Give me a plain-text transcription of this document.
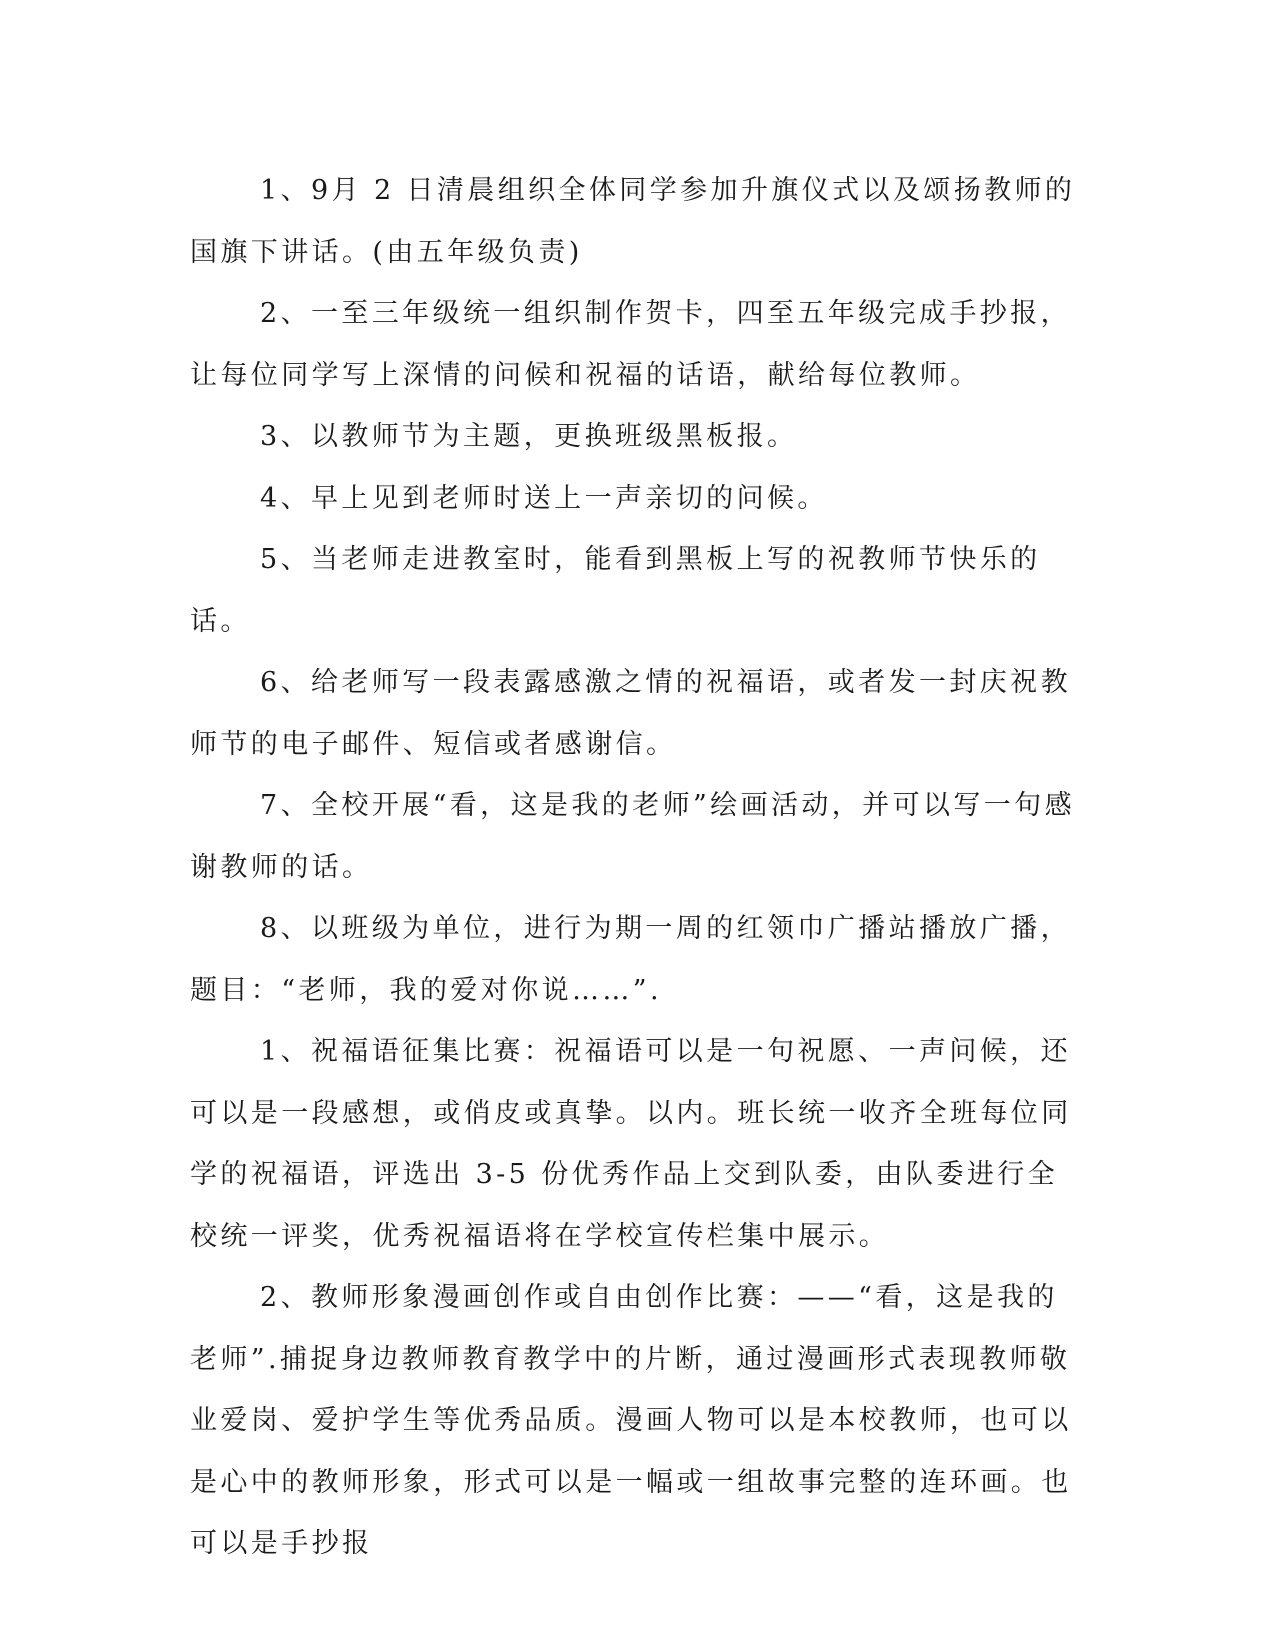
1、9月 2 日清晨组织全体同学参加升旗仪式以及颂扬教师的国旗下讲话。(由五年级负责)

2、一至三年级统一组织制作贺卡，四至五年级完成手抄报，让每位同学写上深情的问候和祝福的话语，献给每位教师。

3、以教师节为主题，更换班级黑板报。

4、早上见到老师时送上一声亲切的问候。

5、当老师走进教室时，能看到黑板上写的祝教师节快乐的话。

6、给老师写一段表露感激之情的祝福语，或者发一封庆祝教师节的电子邮件、短信或者感谢信。

7、全校开展“看，这是我的老师”绘画活动，并可以写一句感谢教师的话。

8、以班级为单位，进行为期一周的红领巾广播站播放广播，题目：“老师，我的爱对你说……”.

1、祝福语征集比赛：祝福语可以是一句祝愿、一声问候，还可以是一段感想，或俏皮或真挚。以内。班长统一收齐全班每位同学的祝福语，评选出 3-5 份优秀作品上交到队委，由队委进行全校统一评奖，优秀祝福语将在学校宣传栏集中展示。

2、教师形象漫画创作或自由创作比赛：——“看，这是我的老师”.捕捉身边教师教育教学中的片断，通过漫画形式表现教师敬业爱岗、爱护学生等优秀品质。漫画人物可以是本校教师，也可以是心中的教师形象，形式可以是一幅或一组故事完整的连环画。也可以是手抄报
